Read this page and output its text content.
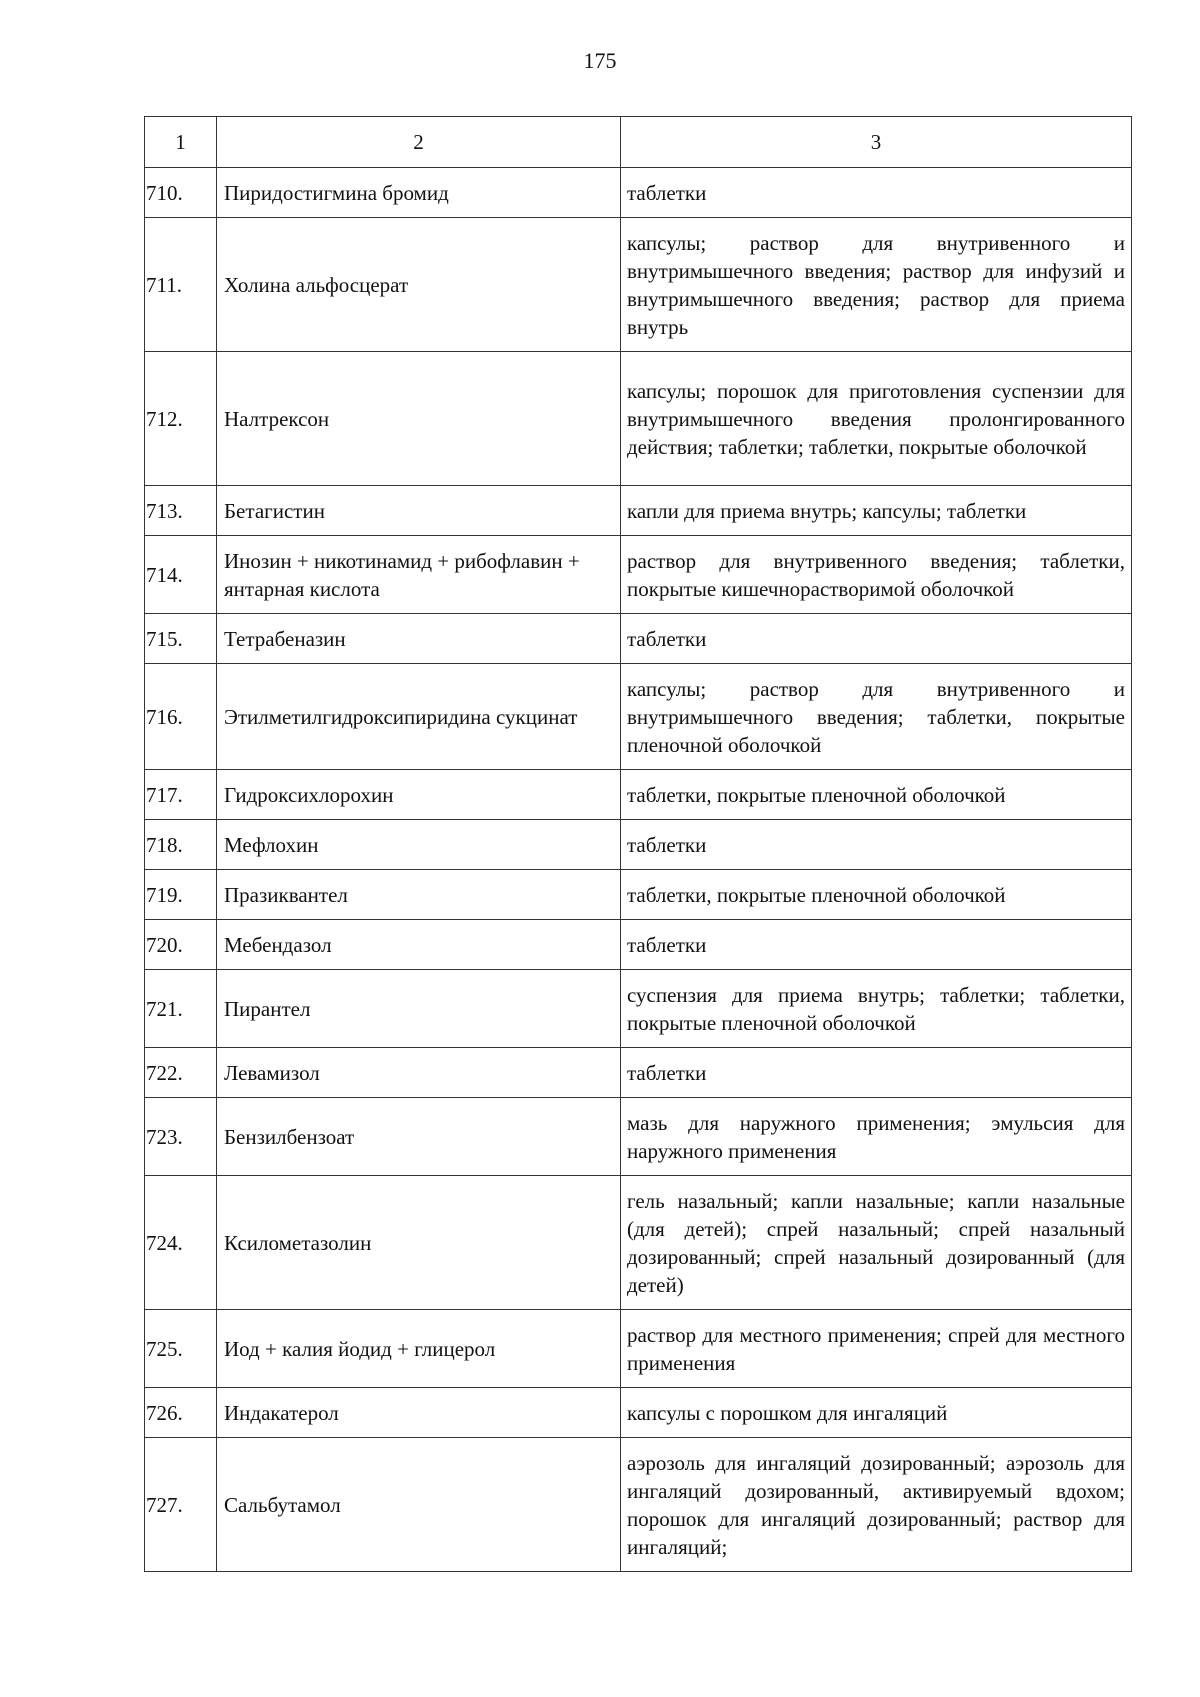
175
1	2	3
710.	Пиридостигмина бромид	таблетки
711.	Холина альфосцерат	капсулы; раствор для внутривенного и внутримышечного введения; раствор для инфузий и внутримышечного введения; раствор для приема внутрь
712.	Налтрексон	капсулы; порошок для приготовления суспензии для внутримышечного введения пролонгированного действия; таблетки; таблетки, покрытые оболочкой
713.	Бетагистин	капли для приема внутрь; капсулы; таблетки
714.	Инозин + никотинамид + рибофлавин + янтарная кислота	раствор для внутривенного введения; таблетки, покрытые кишечнорастворимой оболочкой
715.	Тетрабеназин	таблетки
716.	Этилметилгидроксипиридина сукцинат	капсулы; раствор для внутривенного и внутримышечного введения; таблетки, покрытые пленочной оболочкой
717.	Гидроксихлорохин	таблетки, покрытые пленочной оболочкой
718.	Мефлохин	таблетки
719.	Празиквантел	таблетки, покрытые пленочной оболочкой
720.	Мебендазол	таблетки
721.	Пирантел	суспензия для приема внутрь; таблетки; таблетки, покрытые пленочной оболочкой
722.	Левамизол	таблетки
723.	Бензилбензоат	мазь для наружного применения; эмульсия для наружного применения
724.	Ксилометазолин	гель назальный; капли назальные; капли назальные (для детей); спрей назальный; спрей назальный дозированный; спрей назальный дозированный (для детей)
725.	Иод + калия йодид + глицерол	раствор для местного применения; спрей для местного применения
726.	Индакатерол	капсулы с порошком для ингаляций
727.	Сальбутамол	аэрозоль для ингаляций дозированный; аэрозоль для ингаляций дозированный, активируемый вдохом; порошок для ингаляций дозированный; раствор для ингаляций;
